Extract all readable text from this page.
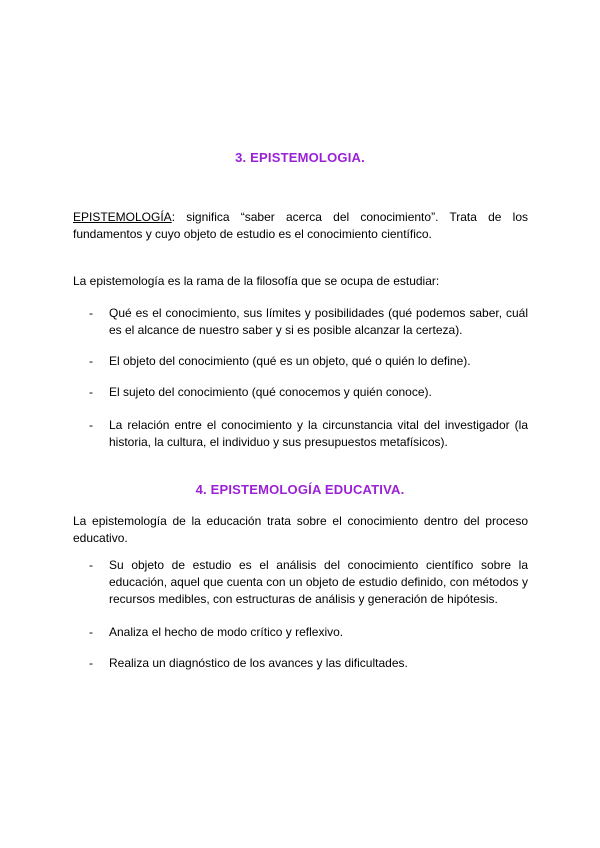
3. EPISTEMOLOGIA.
EPISTEMOLOGÍA: significa “saber acerca del conocimiento”. Trata de los fundamentos y cuyo objeto de estudio es el conocimiento científico.
La epistemología es la rama de la filosofía que se ocupa de estudiar:
- Qué es el conocimiento, sus límites y posibilidades (qué podemos saber, cuál es el alcance de nuestro saber y si es posible alcanzar la certeza).
- El objeto del conocimiento (qué es un objeto, qué o quién lo define).
- El sujeto del conocimiento (qué conocemos y quién conoce).
- La relación entre el conocimiento y la circunstancia vital del investigador (la historia, la cultura, el individuo y sus presupuestos metafísicos).
4. EPISTEMOLOGÍA EDUCATIVA.
La epistemología de la educación trata sobre el conocimiento dentro del proceso educativo.
- Su objeto de estudio es el análisis del conocimiento científico sobre la educación, aquel que cuenta con un objeto de estudio definido, con métodos y recursos medibles, con estructuras de análisis y generación de hipótesis.
- Analiza el hecho de modo crítico y reflexivo.
- Realiza un diagnóstico de los avances y las dificultades.
